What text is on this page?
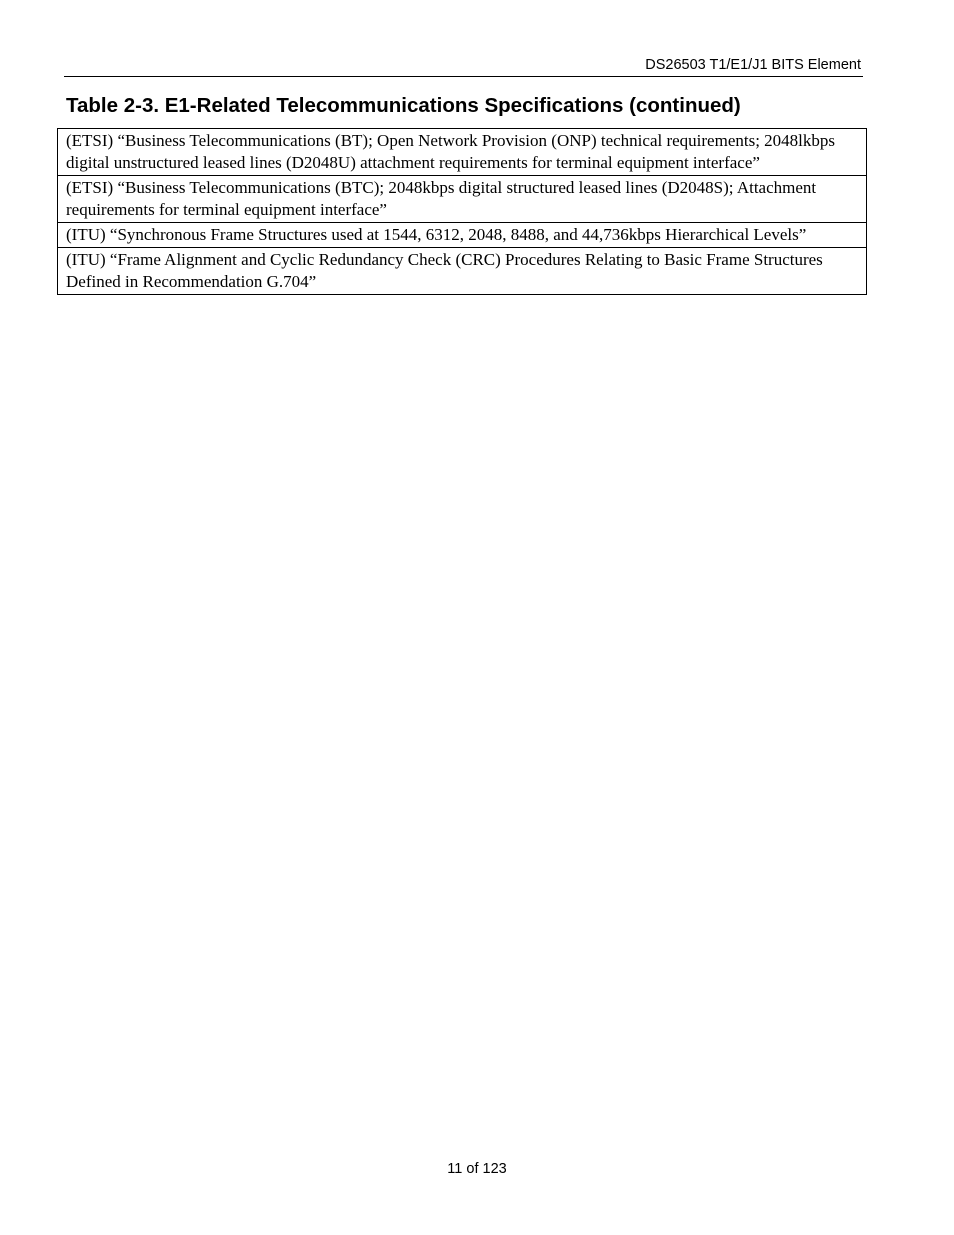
DS26503 T1/E1/J1 BITS Element
Table 2-3. E1-Related Telecommunications Specifications (continued)
(ETSI) “Business Telecommunications (BT); Open Network Provision (ONP) technical requirements; 2048lkbps digital unstructured leased lines (D2048U) attachment requirements for terminal equipment interface”
(ETSI) “Business Telecommunications (BTC); 2048kbps digital structured leased lines (D2048S); Attachment requirements for terminal equipment interface”
(ITU) “Synchronous Frame Structures used at 1544, 6312, 2048, 8488, and 44,736kbps Hierarchical Levels”
(ITU) “Frame Alignment and Cyclic Redundancy Check (CRC) Procedures Relating to Basic Frame Structures Defined in Recommendation G.704”
11 of 123
